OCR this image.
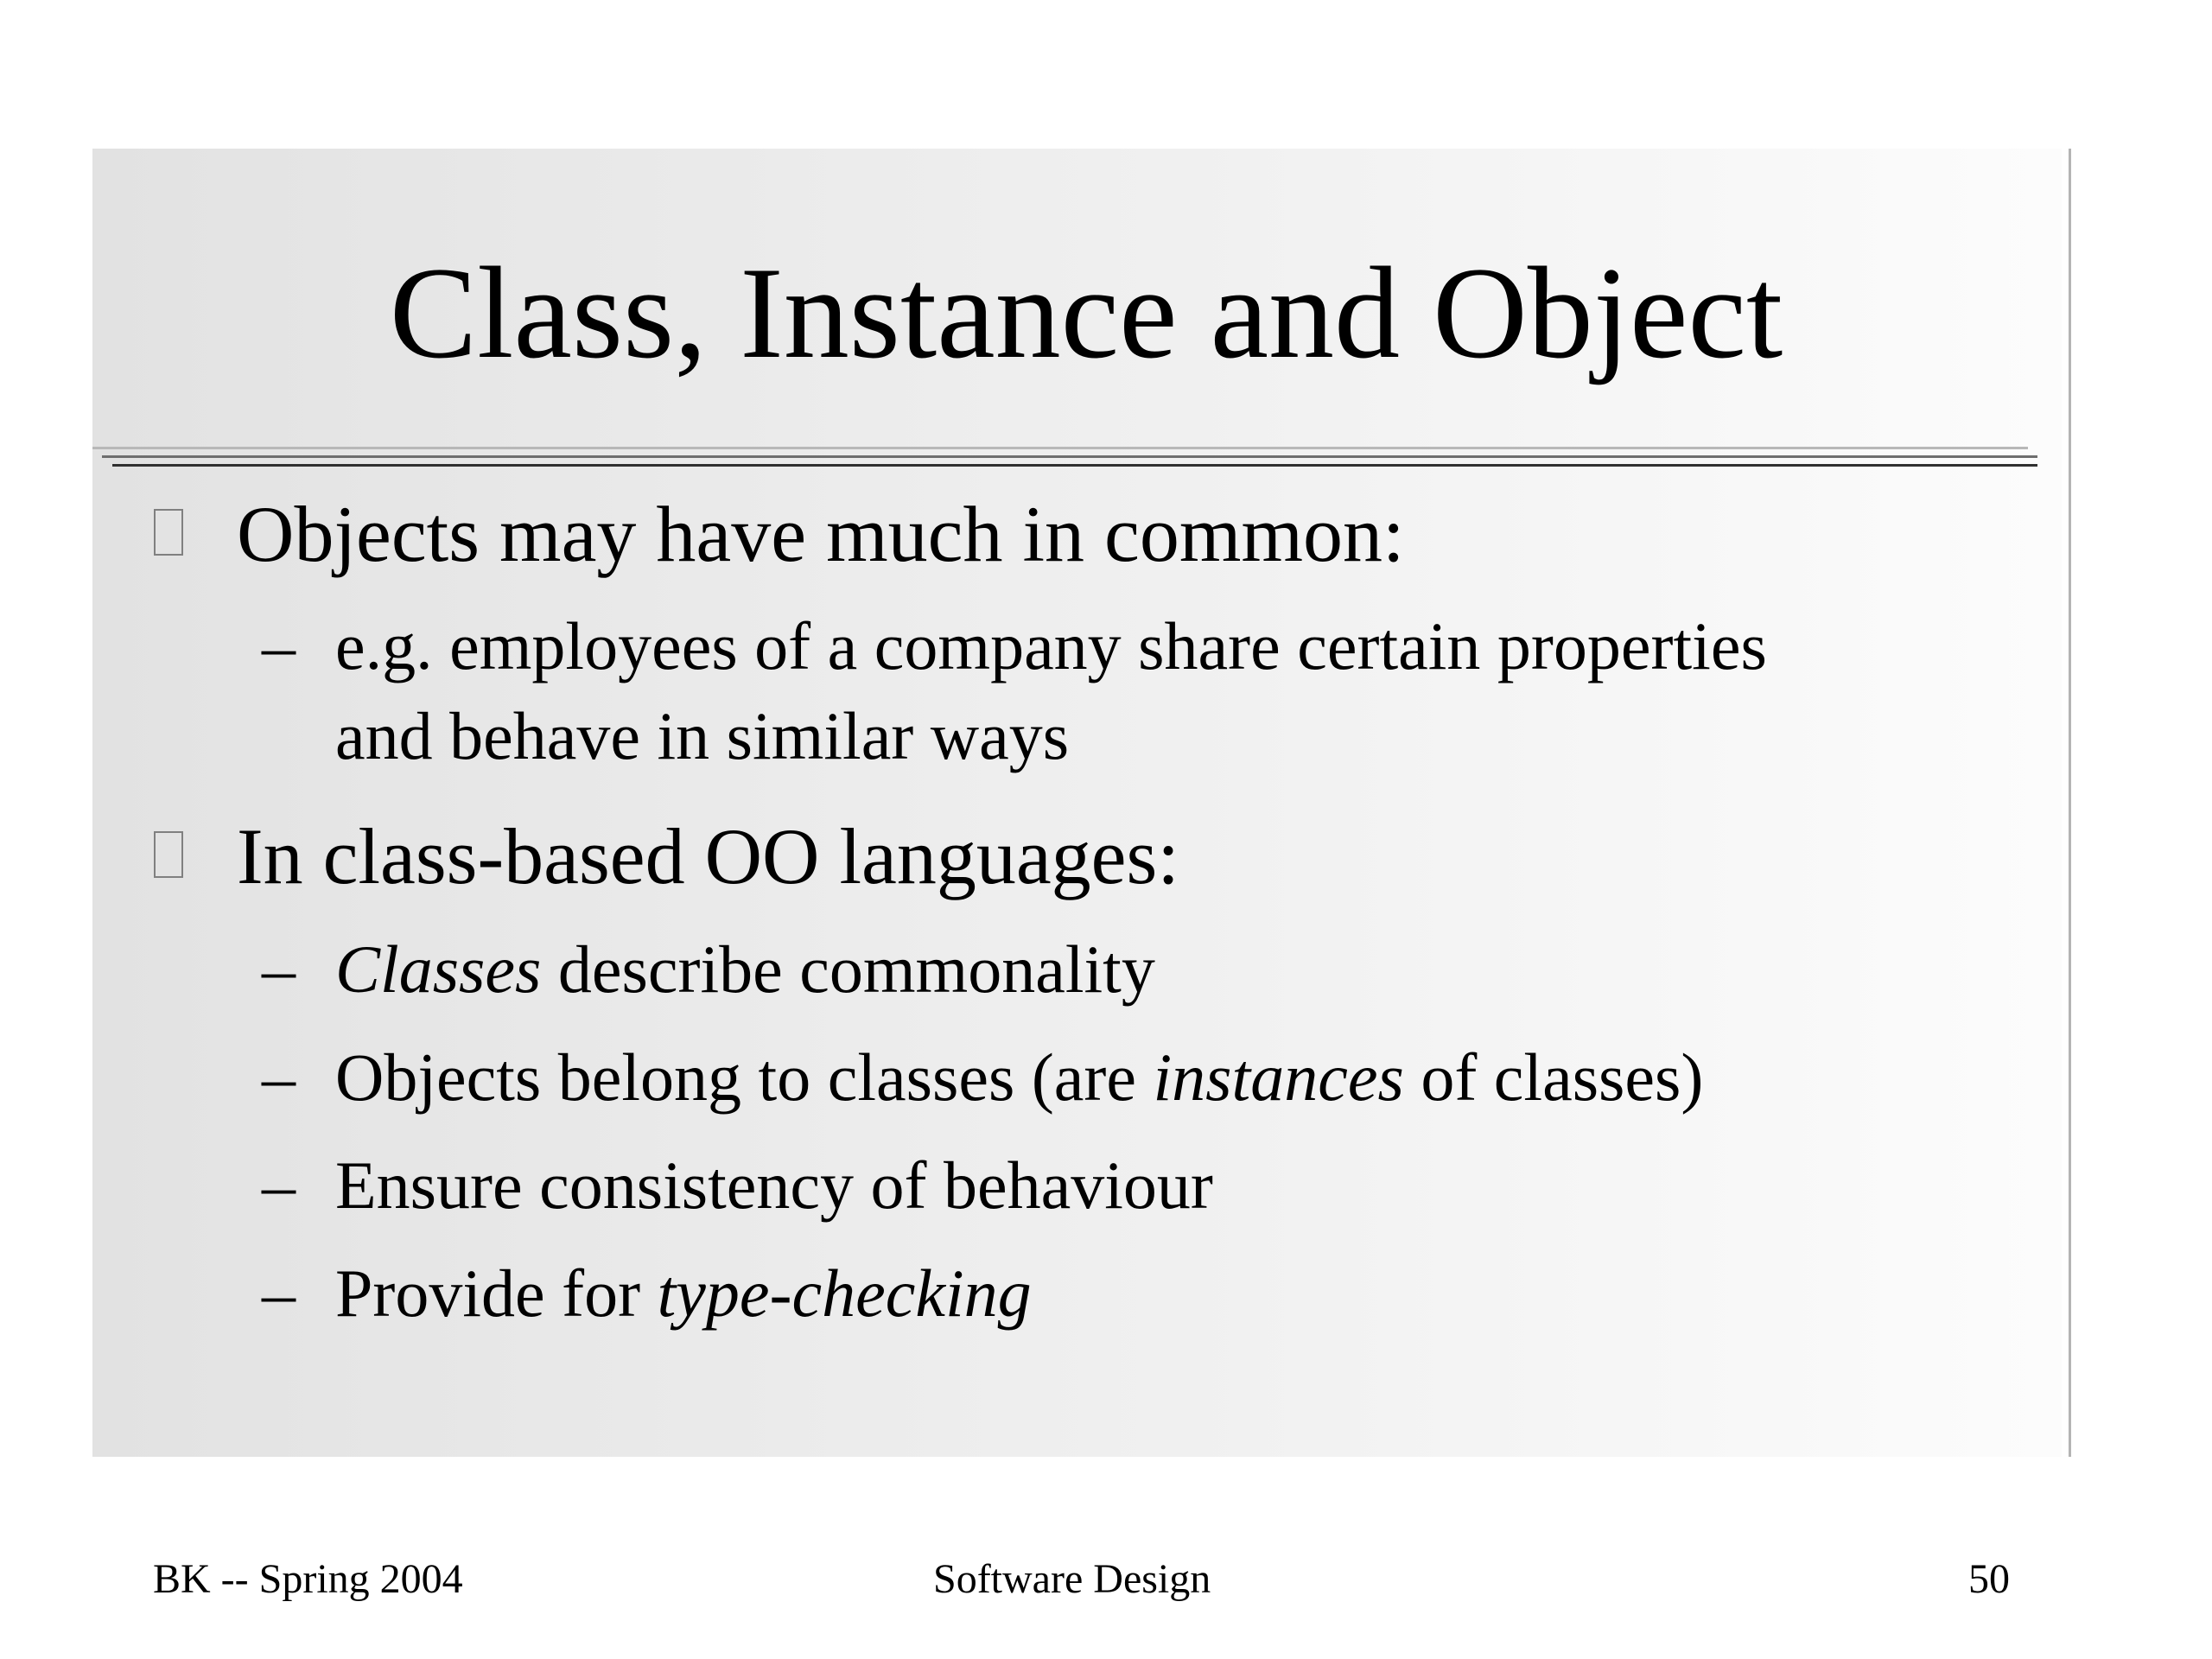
Class, Instance and Object
Objects may have much in common:
– e.g. employees of a company share certain properties
and behave in similar ways
In class-based OO languages:
– Classes describe commonality
– Objects belong to classes (are instances of classes)
– Ensure consistency of behaviour
– Provide for type-checking
BK -- Spring 2004	Software Design	50
